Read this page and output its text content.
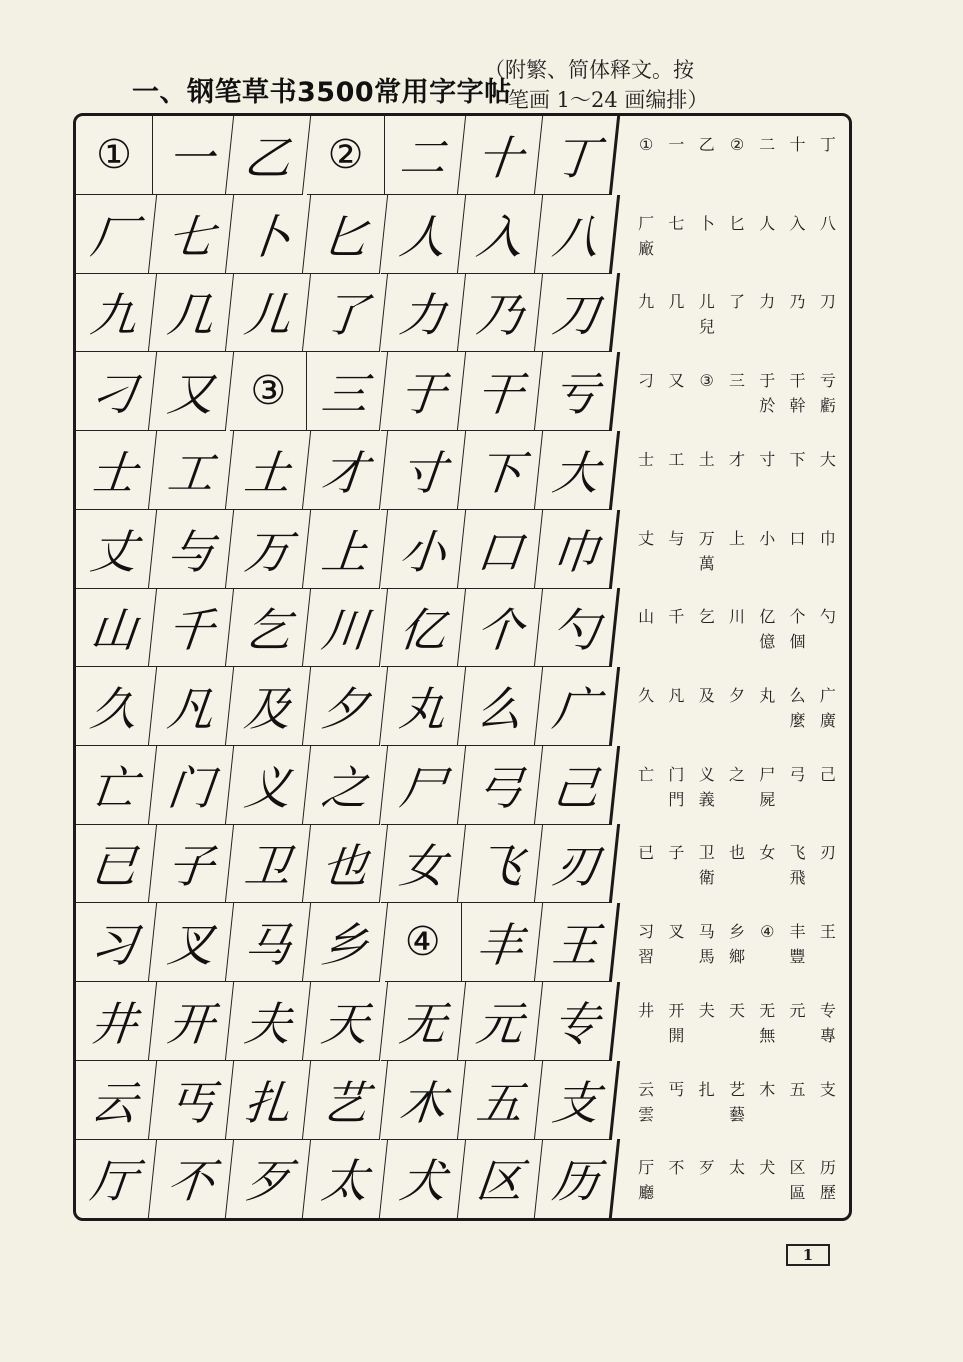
一、钢笔草书3500常用字字帖
（附繁、简体释文。按
笔画 1～24 画编排）
① 一 乙 ② 二 十 丁
厂 七 卜 匕 人 入 八
九 几 儿 了 力 乃 刀
刁 又 ③ 三 于 干 亏
士 工 土 才 寸 下 大
丈 与 万 上 小 口 巾
山 千 乞 川 亿 个 勺
久 凡 及 夕 丸 么 广
亡 门 义 之 尸 弓 己
已 子 卫 也 女 飞 刃
习 叉 马 乡 ④ 丰 王
井 开 夫 天 无 元 专
云 丐 扎 艺 木 五 支
厅 不 歹 太 犬 区 历
① 一 乙 ② 二 十 丁
厂
廠
七 卜 匕 人 入 八
九 几 儿
兒
了 力 乃 刀
刁 又 ③ 三 于
於
干
幹
亏
虧
士 工 土 才 寸 下 大
丈 与 万
萬
上 小 口 巾
山 千 乞 川 亿
億
个
個
勺
久 凡 及 夕 丸 么
麼
广
廣
亡 门
門
义
義
之 尸
屍
弓 己
已 子 卫
衛
也 女 飞
飛
刃
习
習
叉 马
馬
乡
鄉
④ 丰
豐
王
井 开
開
夫 天 无
無
元 专
專
云
雲
丐 扎 艺
藝
木 五 支
厅
廳
不 歹 太 犬 区
區
历
歷
1
